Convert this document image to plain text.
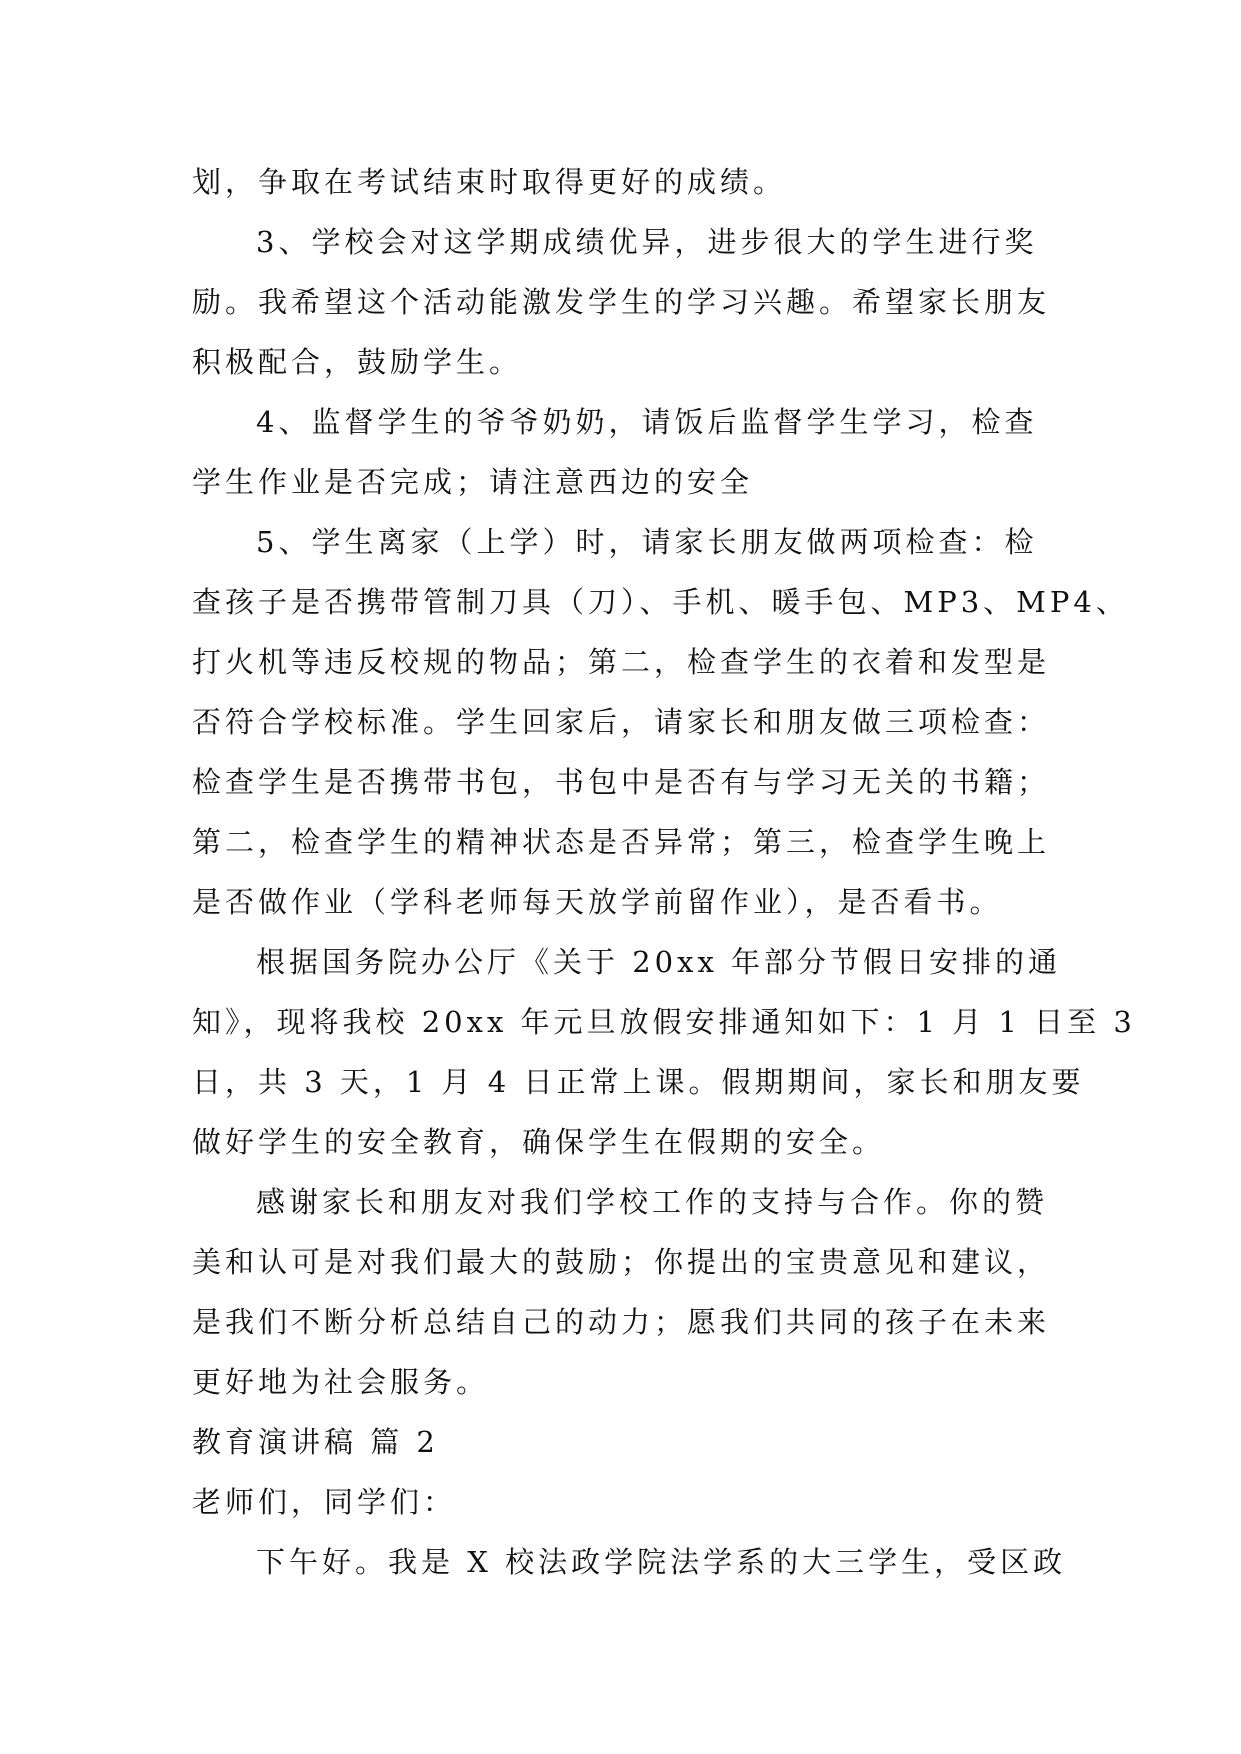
划，争取在考试结束时取得更好的成绩。
3、学校会对这学期成绩优异，进步很大的学生进行奖
励。我希望这个活动能激发学生的学习兴趣。希望家长朋友
积极配合，鼓励学生。
4、监督学生的爷爷奶奶，请饭后监督学生学习，检查
学生作业是否完成；请注意西边的安全
5、学生离家（上学）时，请家长朋友做两项检查：检
查孩子是否携带管制刀具（刀）、手机、暖手包、MP3、MP4、
打火机等违反校规的物品；第二，检查学生的衣着和发型是
否符合学校标准。学生回家后，请家长和朋友做三项检查：
检查学生是否携带书包，书包中是否有与学习无关的书籍；
第二，检查学生的精神状态是否异常；第三，检查学生晚上
是否做作业（学科老师每天放学前留作业），是否看书。
根据国务院办公厅《关于 20xx 年部分节假日安排的通
知》，现将我校 20xx 年元旦放假安排通知如下：1 月 1 日至 3
日，共 3 天，1 月 4 日正常上课。假期期间，家长和朋友要
做好学生的安全教育，确保学生在假期的安全。
感谢家长和朋友对我们学校工作的支持与合作。你的赞
美和认可是对我们最大的鼓励；你提出的宝贵意见和建议，
是我们不断分析总结自己的动力；愿我们共同的孩子在未来
更好地为社会服务。
教育演讲稿 篇 2
老师们，同学们：
下午好。我是 X 校法政学院法学系的大三学生，受区政
